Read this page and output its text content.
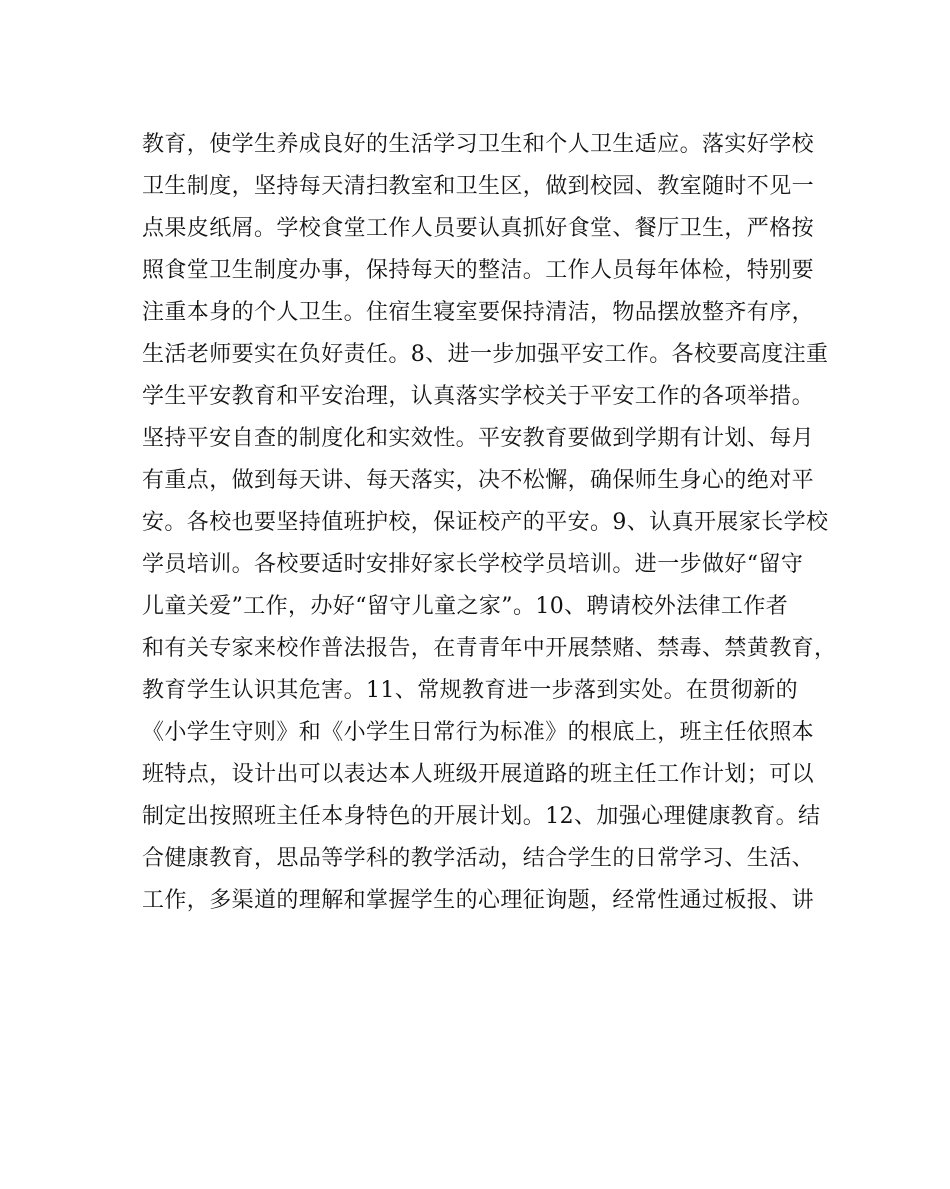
教育，使学生养成良好的生活学习卫生和个人卫生适应。落实好学校
卫生制度，坚持每天清扫教室和卫生区，做到校园、教室随时不见一
点果皮纸屑。学校食堂工作人员要认真抓好食堂、餐厅卫生，严格按
照食堂卫生制度办事，保持每天的整洁。工作人员每年体检，特别要
注重本身的个人卫生。住宿生寝室要保持清洁，物品摆放整齐有序，
生活老师要实在负好责任。8、进一步加强平安工作。各校要高度注重
学生平安教育和平安治理，认真落实学校关于平安工作的各项举措。
坚持平安自查的制度化和实效性。平安教育要做到学期有计划、每月
有重点，做到每天讲、每天落实，决不松懈，确保师生身心的绝对平
安。各校也要坚持值班护校，保证校产的平安。9、认真开展家长学校
学员培训。各校要适时安排好家长学校学员培训。进一步做好“留守
儿童关爱”工作，办好“留守儿童之家”。10、聘请校外法律工作者
和有关专家来校作普法报告，在青青年中开展禁赌、禁毒、禁黄教育，
教育学生认识其危害。11、常规教育进一步落到实处。在贯彻新的
《小学生守则》和《小学生日常行为标准》的根底上，班主任依照本
班特点，设计出可以表达本人班级开展道路的班主任工作计划；可以
制定出按照班主任本身特色的开展计划。12、加强心理健康教育。结
合健康教育，思品等学科的教学活动，结合学生的日常学习、生活、
工作，多渠道的理解和掌握学生的心理征询题，经常性通过板报、讲
